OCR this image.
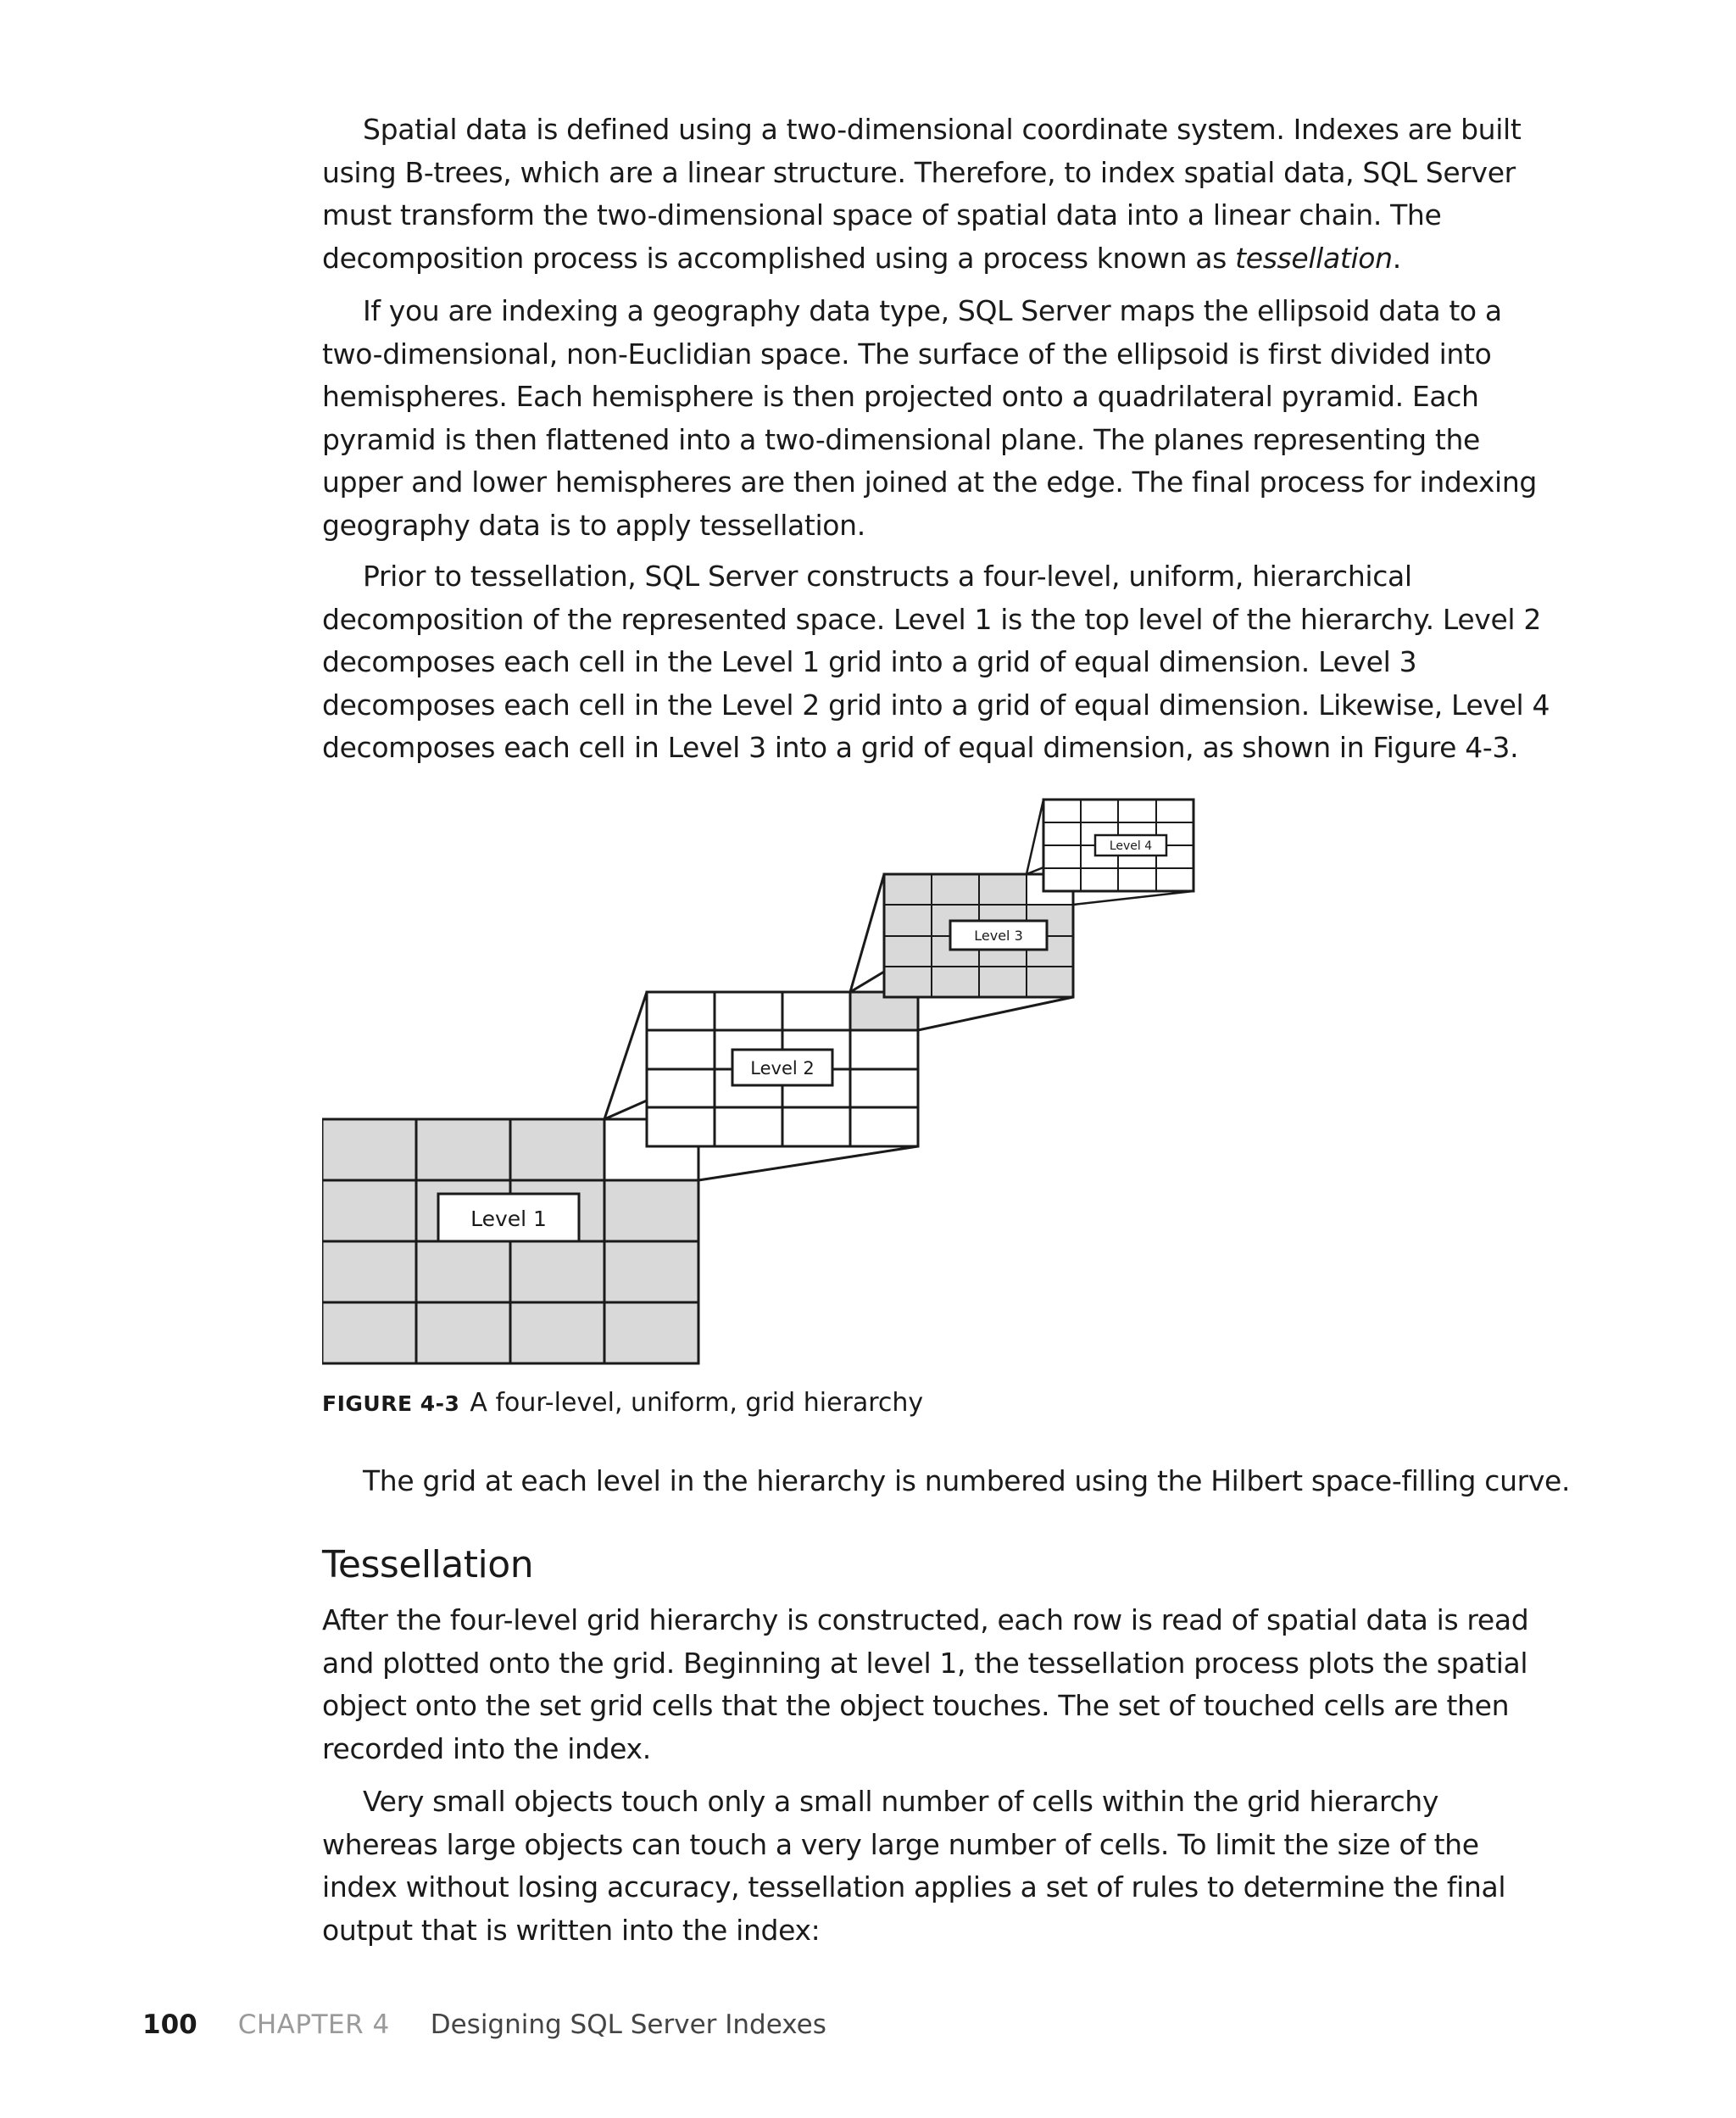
Spatial data is defined using a two-dimensional coordinate system. Indexes are built using B-trees, which are a linear structure. Therefore, to index spatial data, SQL Server must transform the two-dimensional space of spatial data into a linear chain. The decomposition process is accomplished using a process known as tessellation.

If you are indexing a geography data type, SQL Server maps the ellipsoid data to a two-dimensional, non-Euclidian space. The surface of the ellipsoid is first divided into hemispheres. Each hemisphere is then projected onto a quadrilateral pyramid. Each pyramid is then flattened into a two-dimensional plane. The planes representing the upper and lower hemispheres are then joined at the edge. The final process for indexing geography data is to apply tessellation.

Prior to tessellation, SQL Server constructs a four-level, uniform, hierarchical decomposition of the represented space. Level 1 is the top level of the hierarchy. Level 2 decomposes each cell in the Level 1 grid into a grid of equal dimension. Level 3 decomposes each cell in the Level 2 grid into a grid of equal dimension. Likewise, Level 4 decomposes each cell in Level 3 into a grid of equal dimension, as shown in Figure 4-3.

Level 1
Level 2
Level 3
Level 4
FIGURE 4-3 A four-level, uniform, grid hierarchy

The grid at each level in the hierarchy is numbered using the Hilbert space-filling curve.

Tessellation

After the four-level grid hierarchy is constructed, each row is read of spatial data is read and plotted onto the grid. Beginning at level 1, the tessellation process plots the spatial object onto the set grid cells that the object touches. The set of touched cells are then recorded into the index.

Very small objects touch only a small number of cells within the grid hierarchy whereas large objects can touch a very large number of cells. To limit the size of the index without losing accuracy, tessellation applies a set of rules to determine the final output that is written into the index:

100 CHAPTER 4 Designing SQL Server Indexes
